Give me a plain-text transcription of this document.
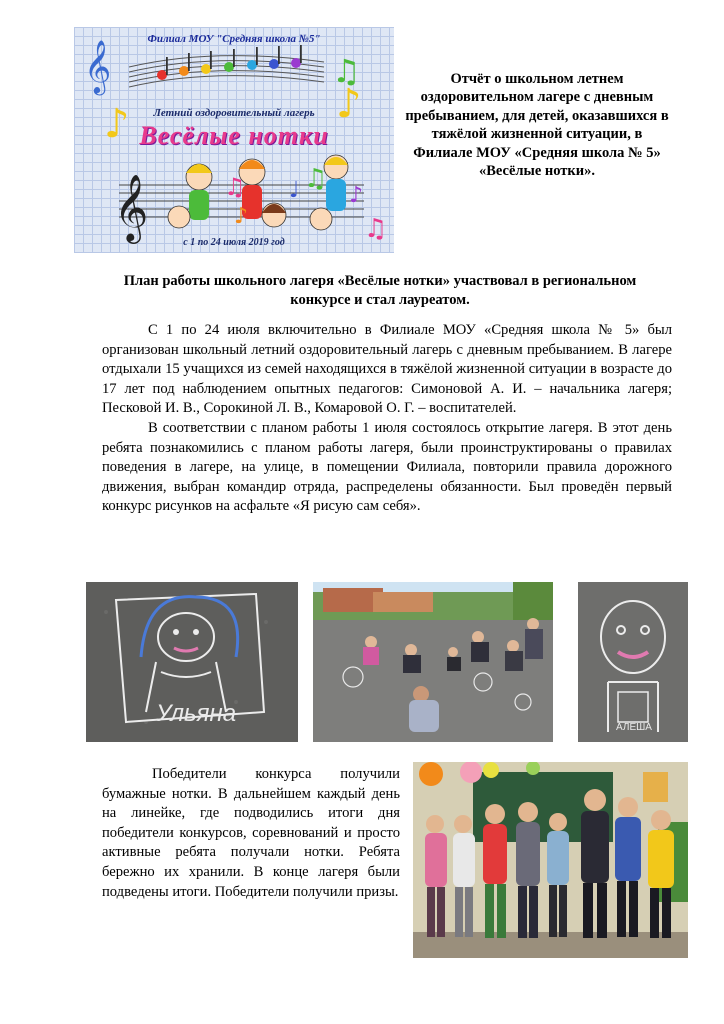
𝄞
♪	♪
♫
♫
𝄞	♫ ♩ ♫
♪
♪
Филиал МОУ "Средняя школа №5"
Летний оздоровительный лагерь
Весёлые нотки
с 1 по 24 июля 2019 год
Отчёт о школьном летнем оздоровительном лагере с дневным пребыванием, для детей, оказавшихся в тяжёлой жизненной ситуации, в Филиале МОУ «Средняя школа № 5» «Весёлые нотки».
План работы школьного лагеря «Весёлые нотки» участвовал в региональном конкурсе и стал лауреатом.

С 1 по 24 июля включительно в Филиале МОУ «Средняя школа № 5» был организован школьный летний оздоровительный лагерь с дневным пребыванием. В лагере отдыхали 15 учащихся из семей находящихся в тяжёлой жизненной ситуации в возрасте до 17 лет под наблюдением опытных педагогов: Симоновой А. И. – начальника лагеря; Песковой И. В., Сорокиной Л. В., Комаровой О. Г. – воспитателей.

В соответствии с планом работы 1 июля состоялось открытие лагеря. В этот день ребята познакомились с планом работы лагеря, были проинструктированы о правилах поведения в лагере, на улице, в помещении Филиала, повторили правила дорожного движения, выбран командир отряда, распределены обязанности. Был проведён первый конкурс рисунков на асфальте «Я рисую сам себя».

Ульяна
АЛЁША

Победители конкурса получили бумажные нотки. В дальнейшем каждый день на линейке, где подводились итоги дня победители конкурсов, соревнований и просто активные ребята получали нотки. Ребята бережно их хранили. В конце лагеря были подведены итоги. Победители получили призы.
